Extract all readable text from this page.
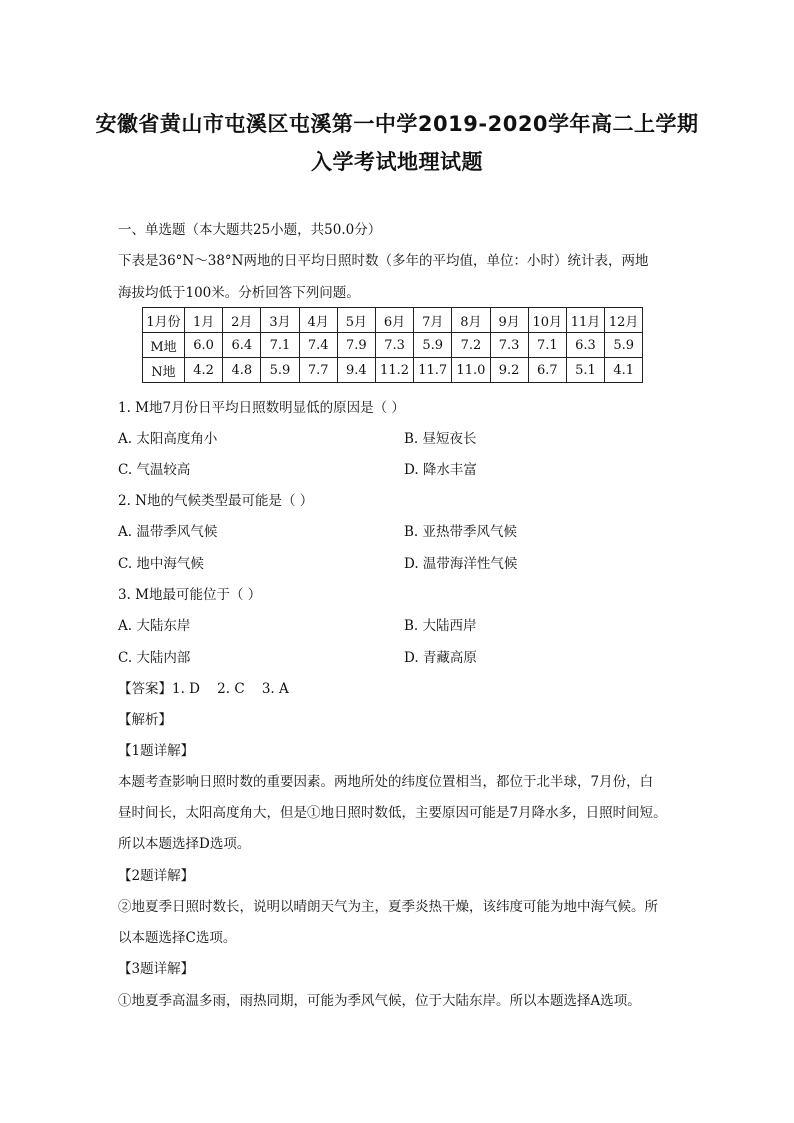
安徽省黄山市屯溪区屯溪第一中学2019-2020学年高二上学期
入学考试地理试题
一、单选题（本大题共25小题，共50.0分）
下表是36°N～38°N两地的日平均日照时数（多年的平均值，单位：小时）统计表，两地
海拔均低于100米。分析回答下列问题。
1月份	1月	2月	3月	4月	5月	6月	7月	8月	9月	10月	11月	12月
M地	6.0	6.4	7.1	7.4	7.9	7.3	5.9	7.2	7.3	7.1	6.3	5.9
N地	4.2	4.8	5.9	7.7	9.4	11.2	11.7	11.0	9.2	6.7	5.1	4.1
1. M地7月份日平均日照数明显低的原因是（ ）
A. 太阳高度角小	B. 昼短夜长
C. 气温较高	D. 降水丰富
2. N地的气候类型最可能是（ ）
A. 温带季风气候	B. 亚热带季风气候
C. 地中海气候	D. 温带海洋性气候
3. M地最可能位于（ ）
A. 大陆东岸	B. 大陆西岸
C. 大陆内部	D. 青藏高原
【答案】1. D    2. C    3. A
【解析】
【1题详解】
本题考查影响日照时数的重要因素。两地所处的纬度位置相当，都位于北半球，7月份，白
昼时间长，太阳高度角大，但是①地日照时数低，主要原因可能是7月降水多，日照时间短。
所以本题选择D选项。
【2题详解】
②地夏季日照时数长，说明以晴朗天气为主，夏季炎热干燥，该纬度可能为地中海气候。所
以本题选择C选项。
【3题详解】
①地夏季高温多雨，雨热同期，可能为季风气候，位于大陆东岸。所以本题选择A选项。
